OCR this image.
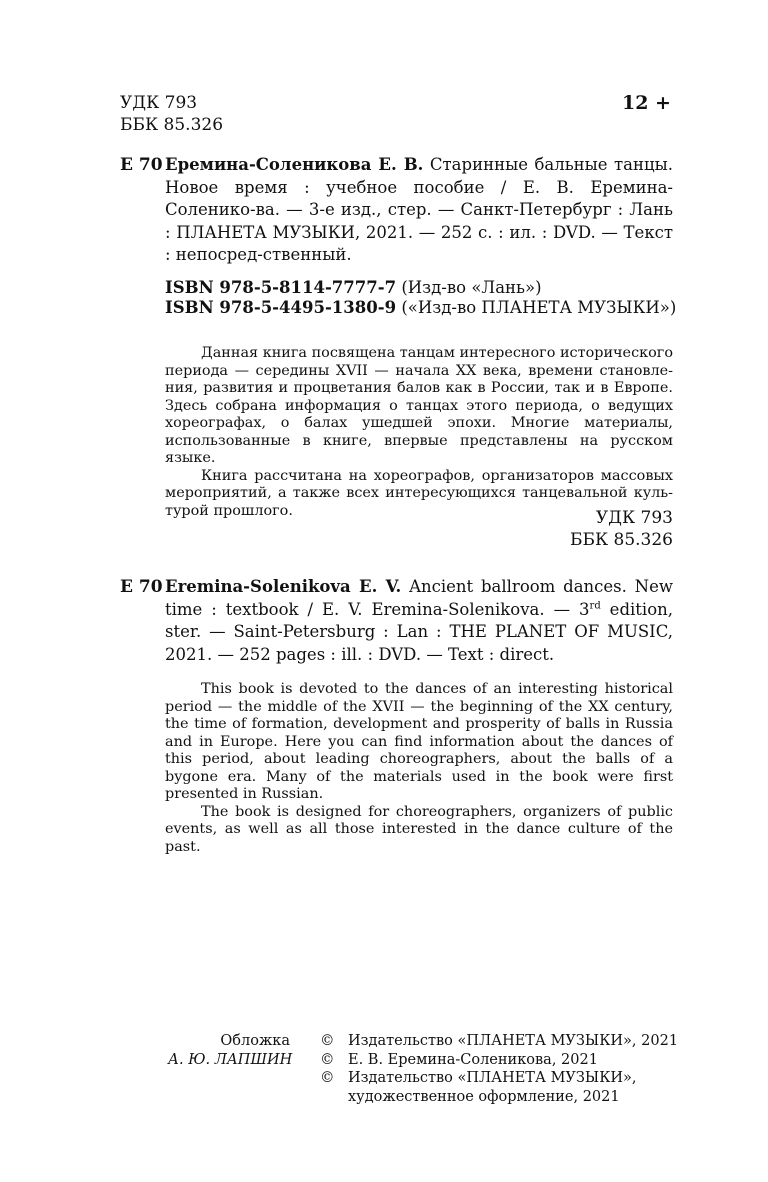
УДК 793
ББК 85.326
12 +
Е 70 Еремина-Соленикова Е. В. Старинные бальные танцы. Новое время : учебное пособие / Е. В. Еремина-Соленико-ва. — 3-е изд., стер. — Санкт-Петербург : Лань : ПЛАНЕТА МУЗЫКИ, 2021. — 252 с. : ил. : DVD. — Текст : непосред-ственный.

ISBN 978-5-8114-7777-7 (Изд-во «Лань»)
ISBN 978-5-4495-1380-9 («Изд-во ПЛАНЕТА МУЗЫКИ»)

Данная книга посвящена танцам интересного исторического периода — середины XVII — начала XX века, времени становле-ния, развития и процветания балов как в России, так и в Европе. Здесь собрана информация о танцах этого периода, о ведущих хореографах, о балах ушедшей эпохи. Многие материалы, использованные в книге, впервые представлены на русском языке.

Книга рассчитана на хореографов, организаторов массовых мероприятий, а также всех интересующихся танцевальной куль-турой прошлого.	УДК 793
ББК 85.326
Е 70 Eremina-Solenikova E. V. Ancient ballroom dances. New time : textbook / E. V. Eremina-Solenikova. — 3rd edition, ster. — Saint-Petersburg : Lan : THE PLANET OF MUSIC, 2021. — 252 pages : ill. : DVD. — Text : direct.

This book is devoted to the dances of an interesting historical period — the middle of the XVII — the beginning of the XX century, the time of formation, development and prosperity of balls in Russia and in Europe. Here you can find information about the dances of this period, about leading choreographers, about the balls of a bygone era. Many of the materials used in the book were first presented in Russian.

The book is designed for choreographers, organizers of public events, as well as all those interested in the dance culture of the past.

Обложка
А. Ю. ЛАПШИН
© Издательство «ПЛАНЕТА МУЗЫКИ», 2021
© Е. В. Еремина-Соленикова, 2021
© Издательство «ПЛАНЕТА МУЗЫКИ»,
художественное оформление, 2021
